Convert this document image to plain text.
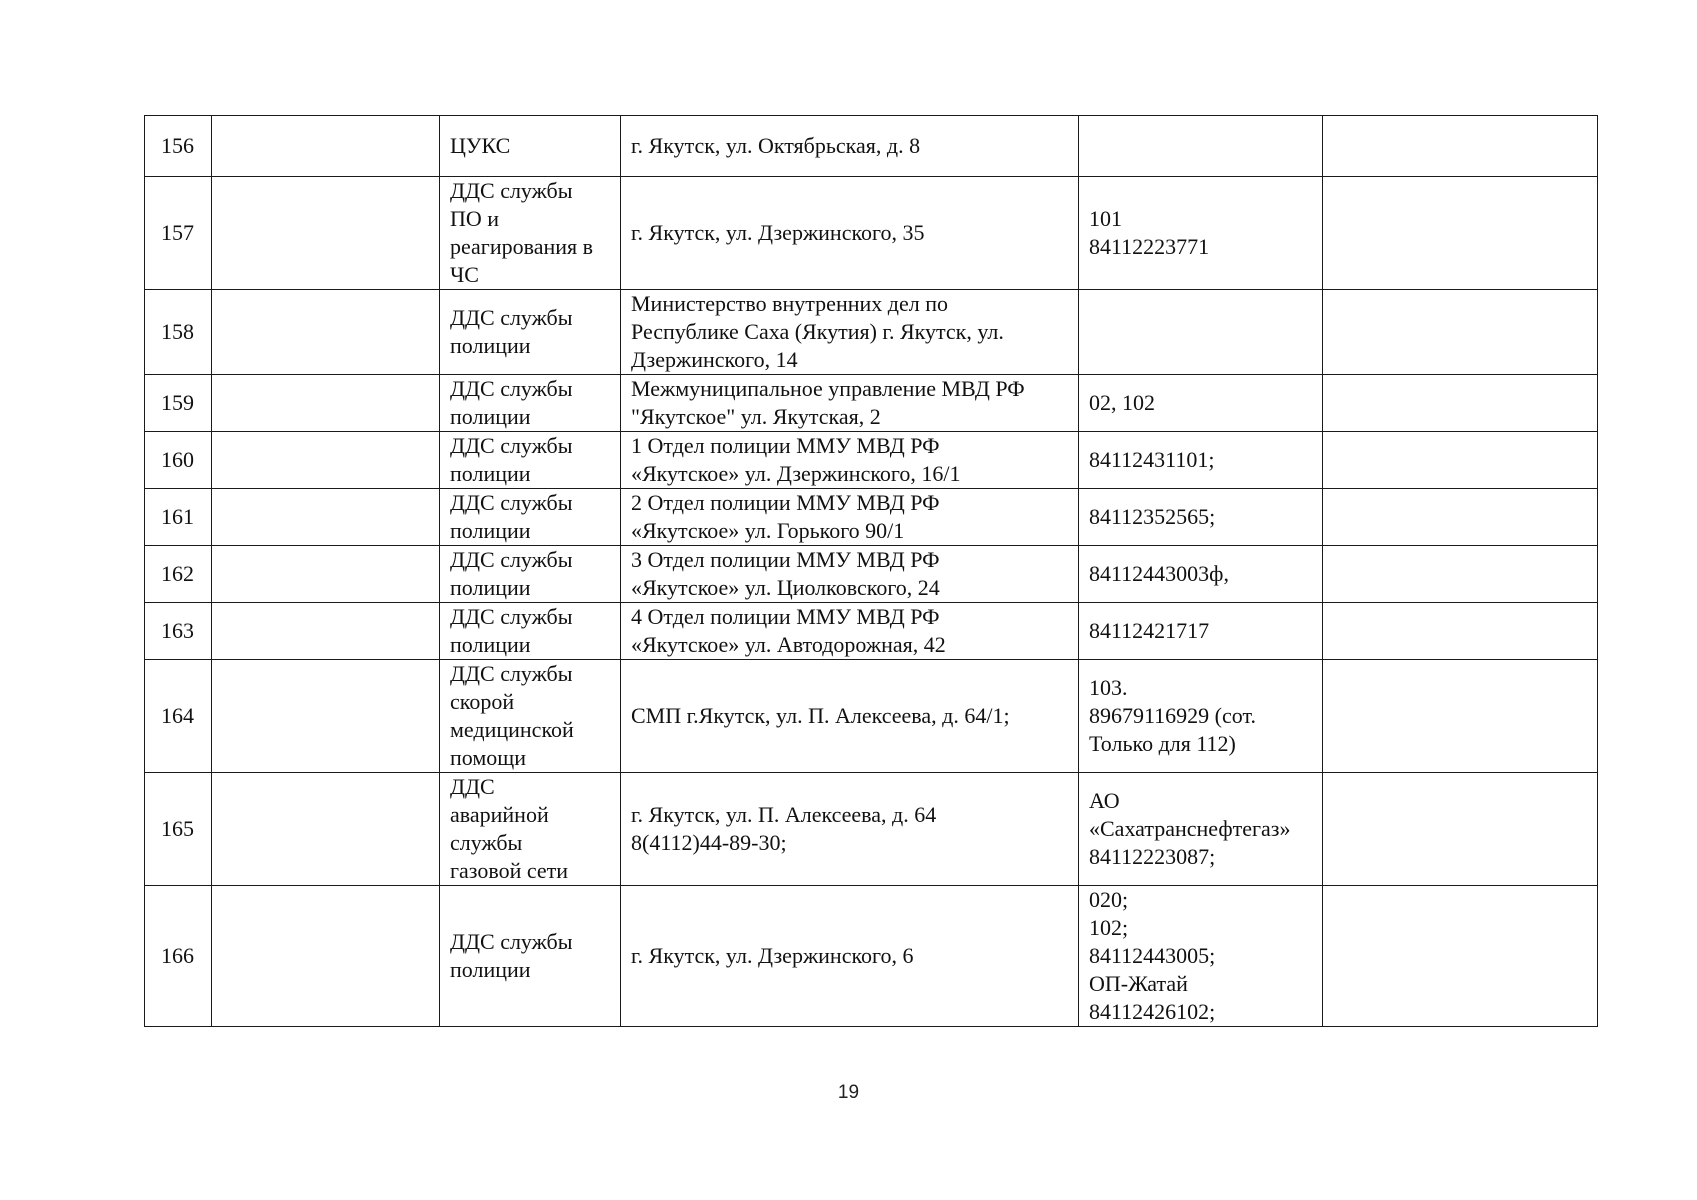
156		ЦУКС	г. Якутск, ул. Октябрьская, д. 8		
157		ДДС службы
ПО и
реагирования в
ЧС	г. Якутск, ул. Дзержинского, 35	101
84112223771	
158		ДДС службы
полиции	Министерство внутренних дел по
Республике Саха (Якутия) г. Якутск, ул.
Дзержинского, 14		
159		ДДС службы
полиции	Межмуниципальное управление МВД РФ
"Якутское" ул. Якутская, 2	02, 102	
160		ДДС службы
полиции	1 Отдел полиции ММУ МВД РФ
«Якутское» ул. Дзержинского, 16/1	84112431101;	
161		ДДС службы
полиции	2 Отдел полиции ММУ МВД РФ
«Якутское» ул. Горького 90/1	84112352565;	
162		ДДС службы
полиции	3 Отдел полиции ММУ МВД РФ
«Якутское» ул. Циолковского, 24	84112443003ф,	
163		ДДС службы
полиции	4 Отдел полиции ММУ МВД РФ
«Якутское» ул. Автодорожная, 42	84112421717	
164		ДДС службы
скорой
медицинской
помощи	СМП г.Якутск, ул. П. Алексеева, д. 64/1;	103.
89679116929 (сот.
Только для 112)	
165		ДДС
аварийной
службы
газовой сети	г. Якутск, ул. П. Алексеева, д. 64
8(4112)44-89-30;	АО
«Сахатранснефтегаз»
84112223087;	
166		ДДС службы
полиции	г. Якутск, ул. Дзержинского, 6	020;
102;
84112443005;
ОП-Жатай
84112426102;	
19
